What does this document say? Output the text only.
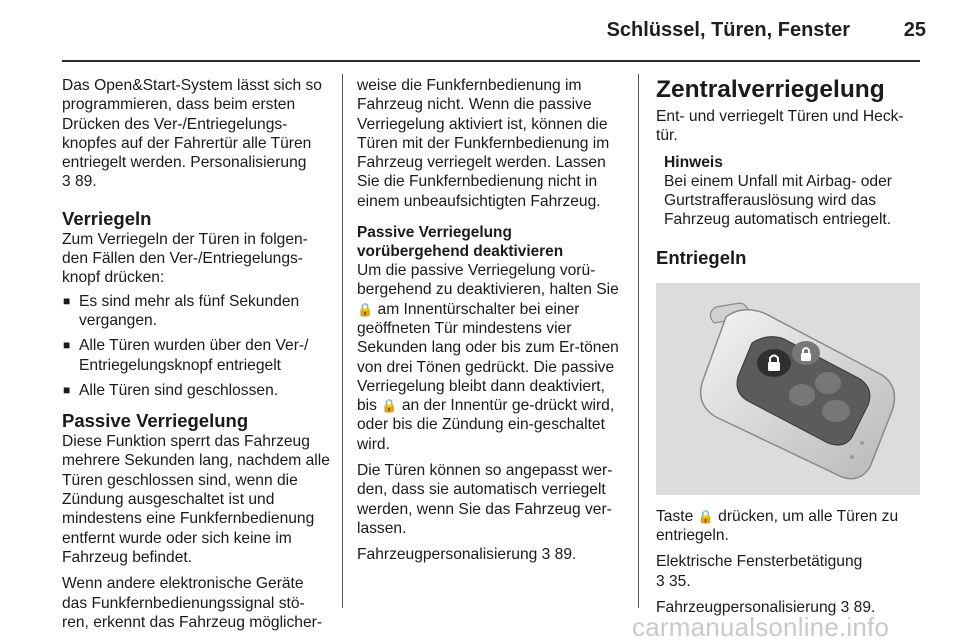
Schlüssel, Türen, Fenster	25

Das Open&Start-System lässt sich so programmieren, dass beim ersten Drücken des Ver-/Entriegelungs-knopfes auf der Fahrertür alle Türen entriegelt werden. Personalisierung
3 89.

Verriegeln

Zum Verriegeln der Türen in folgen-den Fällen den Ver-/Entriegelungs-knopf drücken:

■ Es sind mehr als fünf Sekunden vergangen.
■ Alle Türen wurden über den Ver-/ Entriegelungsknopf entriegelt
■ Alle Türen sind geschlossen.
Passive Verriegelung

Diese Funktion sperrt das Fahrzeug mehrere Sekunden lang, nachdem alle Türen geschlossen sind, wenn die Zündung ausgeschaltet ist und mindestens eine Funkfernbedienung entfernt wurde oder sich keine im Fahrzeug befindet.

Wenn andere elektronische Geräte das Funkfernbedienungssignal stö-ren, erkennt das Fahrzeug möglicher-

weise die Funkfernbedienung im Fahrzeug nicht. Wenn die passive Verriegelung aktiviert ist, können die Türen mit der Funkfernbedienung im Fahrzeug verriegelt werden. Lassen Sie die Funkfernbedienung nicht in einem unbeaufsichtigten Fahrzeug.

Passive Verriegelung vorübergehend deaktivieren

Um die passive Verriegelung vorü-bergehend zu deaktivieren, halten Sie 🔒 am Innentürschalter bei einer geöffneten Tür mindestens vier Sekunden lang oder bis zum Er-tönen von drei Tönen gedrückt. Die passive Verriegelung bleibt dann deaktiviert, bis 🔒 an der Innentür ge-drückt wird, oder bis die Zündung ein-geschaltet wird.

Die Türen können so angepasst wer-den, dass sie automatisch verriegelt werden, wenn Sie das Fahrzeug ver-lassen.

Fahrzeugpersonalisierung 3 89.

Zentralverriegelung

Ent- und verriegelt Türen und Heck-tür.

Hinweis
Bei einem Unfall mit Airbag- oder Gurtstrafferauslösung wird das Fahrzeug automatisch entriegelt.
Entriegeln

Taste 🔒 drücken, um alle Türen zu entriegeln.

Elektrische Fensterbetätigung
3 35.

Fahrzeugpersonalisierung 3 89.

carmanualsonline.info
